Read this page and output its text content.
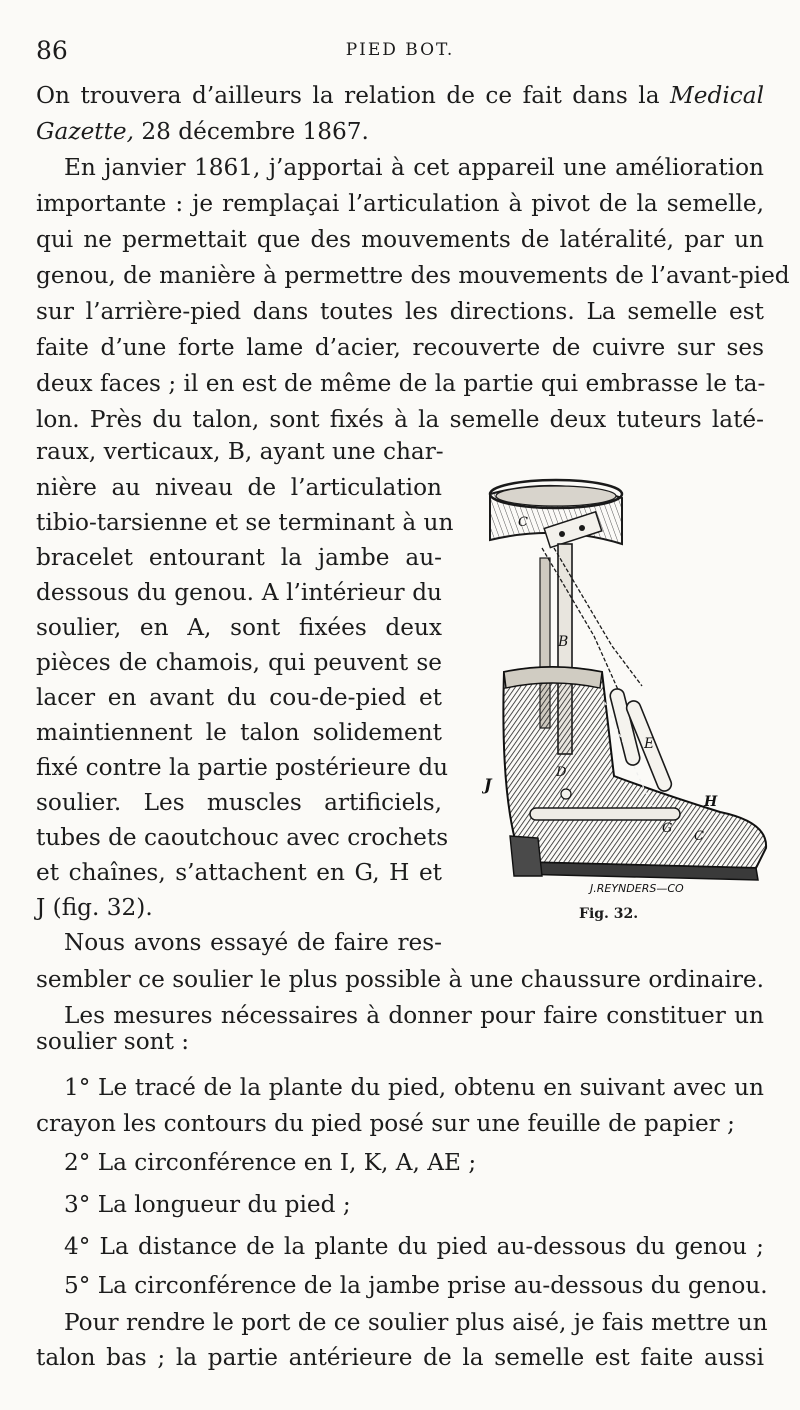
86	PIED BOT.
On trouvera d’ailleurs la relation de ce fait dans la Medical
Gazette, 28 décembre 1867.
En janvier 1861, j’apportai à cet appareil une amélioration
importante : je remplaçai l’articulation à pivot de la semelle,
qui ne permettait que des mouvements de latéralité, par un
genou, de manière à permettre des mouvements de l’avant-pied
sur l’arrière-pied dans toutes les directions. La semelle est
faite d’une forte lame d’acier, recouverte de cuivre sur ses
deux faces ; il en est de même de la partie qui embrasse le ta-
lon. Près du talon, sont fixés à la semelle deux tuteurs laté-
raux, verticaux, B, ayant une char-
nière au niveau de l’articulation
tibio-tarsienne et se terminant à un
bracelet entourant la jambe au-
dessous du genou. A l’intérieur du
soulier, en A, sont fixées deux
pièces de chamois, qui peuvent se
lacer en avant du cou-de-pied et
maintiennent le talon solidement
fixé contre la partie postérieure du
soulier. Les muscles artificiels,
tubes de caoutchouc avec crochets
et chaînes, s’attachent en G, H et
J (fig. 32).
Nous avons essayé de faire res-
sembler ce soulier le plus possible à une chaussure ordinaire.
Les mesures nécessaires à donner pour faire constituer un
soulier sont :
1° Le tracé de la plante du pied, obtenu en suivant avec un
crayon les contours du pied posé sur une feuille de papier ;
2° La circonférence en I, K, A, AE ;
3° La longueur du pied ;
4° La distance de la plante du pied au-dessous du genou ;
5° La circonférence de la jambe prise au-dessous du genou.
Pour rendre le port de ce soulier plus aisé, je fais mettre un
talon bas ; la partie antérieure de la semelle est faite aussi
C
B
E
D
J
H
G
C
J.REYNDERS—CO
Fig. 32.
